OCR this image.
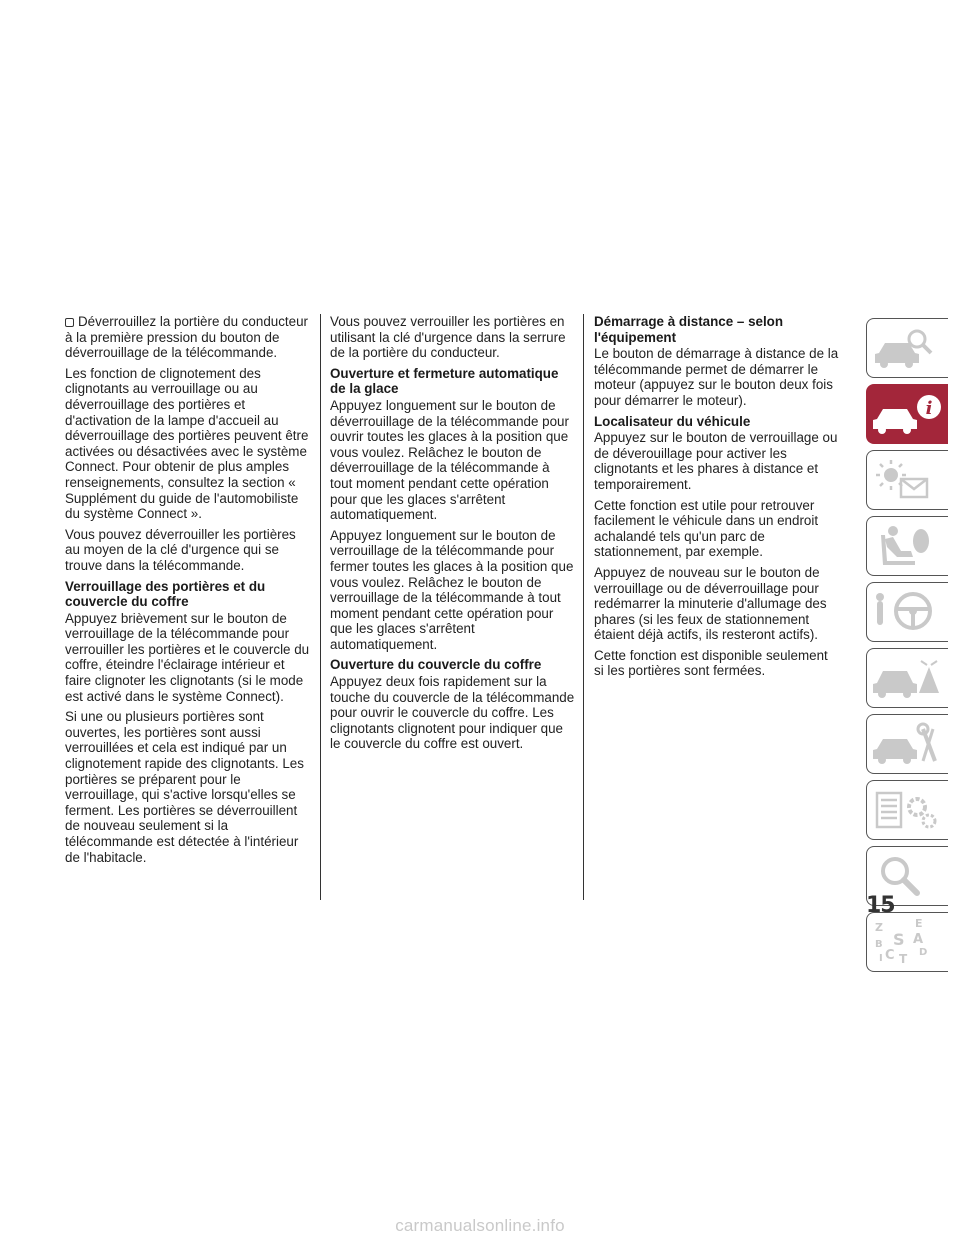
Déverrouillez la portière du conducteur à la première pression du bouton de déverrouillage de la télécommande.

Les fonction de clignotement des clignotants au verrouillage ou au déverrouillage des portières et d'activation de la lampe d'accueil au déverrouillage des portières peuvent être activées ou désactivées avec le système Connect. Pour obtenir de plus amples renseignements, consultez la section « Supplément du guide de l'automobiliste du système Connect ».

Vous pouvez déverrouiller les portières au moyen de la clé d'urgence qui se trouve dans la télécommande.

Verrouillage des portières et du couvercle du coffre

Appuyez brièvement sur le bouton de verrouillage de la télécommande pour verrouiller les portières et le couvercle du coffre, éteindre l'éclairage intérieur et faire clignoter les clignotants (si le mode est activé dans le système Connect).

Si une ou plusieurs portières sont ouvertes, les portières sont aussi verrouillées et cela est indiqué par un clignotement rapide des clignotants. Les portières se préparent pour le verrouillage, qui s'active lorsqu'elles se ferment. Les portières se déverrouillent de nouveau seulement si la télécommande est détectée à l'intérieur de l'habitacle.

Vous pouvez verrouiller les portières en utilisant la clé d'urgence dans la serrure de la portière du conducteur.

Ouverture et fermeture automatique de la glace

Appuyez longuement sur le bouton de déverrouillage de la télécommande pour ouvrir toutes les glaces à la position que vous voulez. Relâchez le bouton de déverrouillage de la télécommande à tout moment pendant cette opération pour que les glaces s'arrêtent automatiquement.

Appuyez longuement sur le bouton de verrouillage de la télécommande pour fermer toutes les glaces à la position que vous voulez. Relâchez le bouton de verrouillage de la télécommande à tout moment pendant cette opération pour que les glaces s'arrêtent automatiquement.

Ouverture du couvercle du coffre

Appuyez deux fois rapidement sur la touche du couvercle de la télécommande pour ouvrir le couvercle du coffre. Les clignotants clignotent pour indiquer que le couvercle du coffre est ouvert.

Démarrage à distance – selon l'équipement

Le bouton de démarrage à distance de la télécommande permet de démarrer le moteur (appuyez sur le bouton deux fois pour démarrer le moteur).

Localisateur du véhicule

Appuyez sur le bouton de verrouillage ou de déverouillage pour activer les clignotants et les phares à distance et temporairement.

Cette fonction est utile pour retrouver facilement le véhicule dans un endroit achalandé tels qu'un parc de stationnement, par exemple.

Appuyez de nouveau sur le bouton de verrouillage ou de déverrouillage pour redémarrer la minuterie d'allumage des phares (si les feux de stationnement étaient déjà actifs, ils resteront actifs).

Cette fonction est disponible seulement si les portières sont fermées.

i
Z	E
S A
B
C D
T
I
15
carmanualsonline.info
